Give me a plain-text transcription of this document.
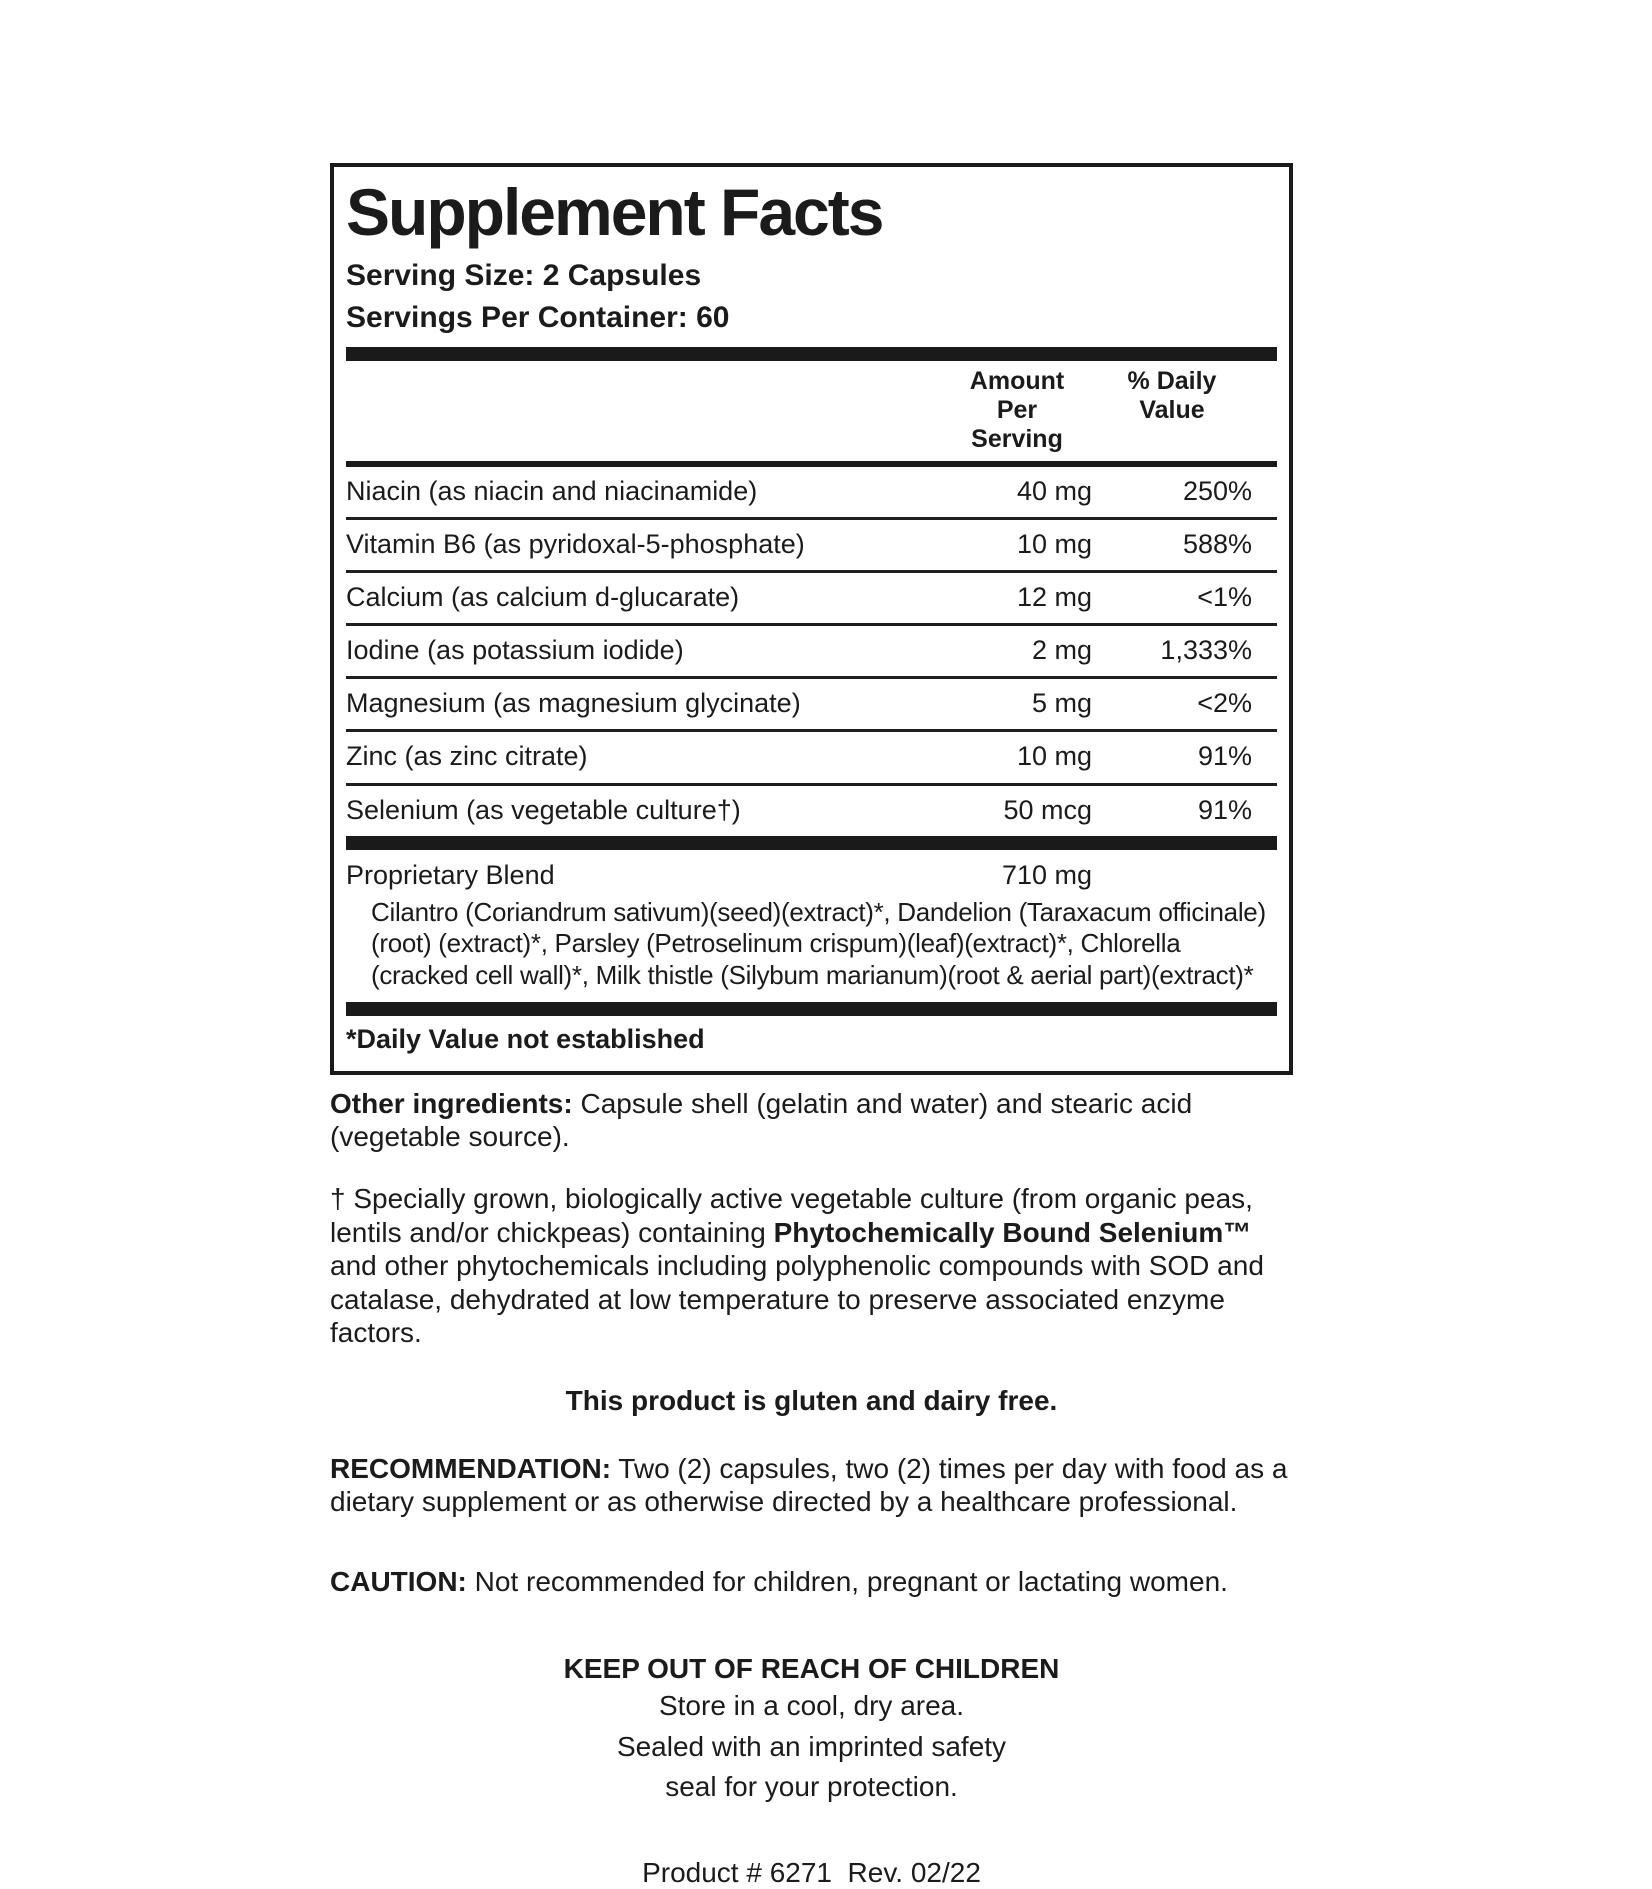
Supplement Facts
Serving Size: 2 Capsules
Servings Per Container: 60
Amount Per Serving
% Daily Value
Niacin (as niacin and niacinamide)	40 mg	250%
Vitamin B6 (as pyridoxal-5-phosphate)	10 mg	588%
Calcium (as calcium d-glucarate)	12 mg	<1%
Iodine (as potassium iodide)	2 mg	1,333%
Magnesium (as magnesium glycinate)	5 mg	<2%
Zinc (as zinc citrate)	10 mg	91%
Selenium (as vegetable culture†)	50 mcg	91%
Proprietary Blend	710 mg
Cilantro (Coriandrum sativum)(seed)(extract)*, Dandelion (Taraxacum officinale)(root) (extract)*, Parsley (Petroselinum crispum)(leaf)(extract)*, Chlorella (cracked cell wall)*, Milk thistle (Silybum marianum)(root & aerial part)(extract)*
*Daily Value not established

Other ingredients: Capsule shell (gelatin and water) and stearic acid (vegetable source).

† Specially grown, biologically active vegetable culture (from organic peas, lentils and/or chickpeas) containing Phytochemically Bound Selenium™ and other phytochemicals including polyphenolic compounds with SOD and catalase, dehydrated at low temperature to preserve associated enzyme factors.

This product is gluten and dairy free.

RECOMMENDATION: Two (2) capsules, two (2) times per day with food as a dietary supplement or as otherwise directed by a healthcare professional.

CAUTION: Not recommended for children, pregnant or lactating women.

KEEP OUT OF REACH OF CHILDREN

Store in a cool, dry area.
Sealed with an imprinted safety
seal for your protection.

Product # 6271  Rev. 02/22
